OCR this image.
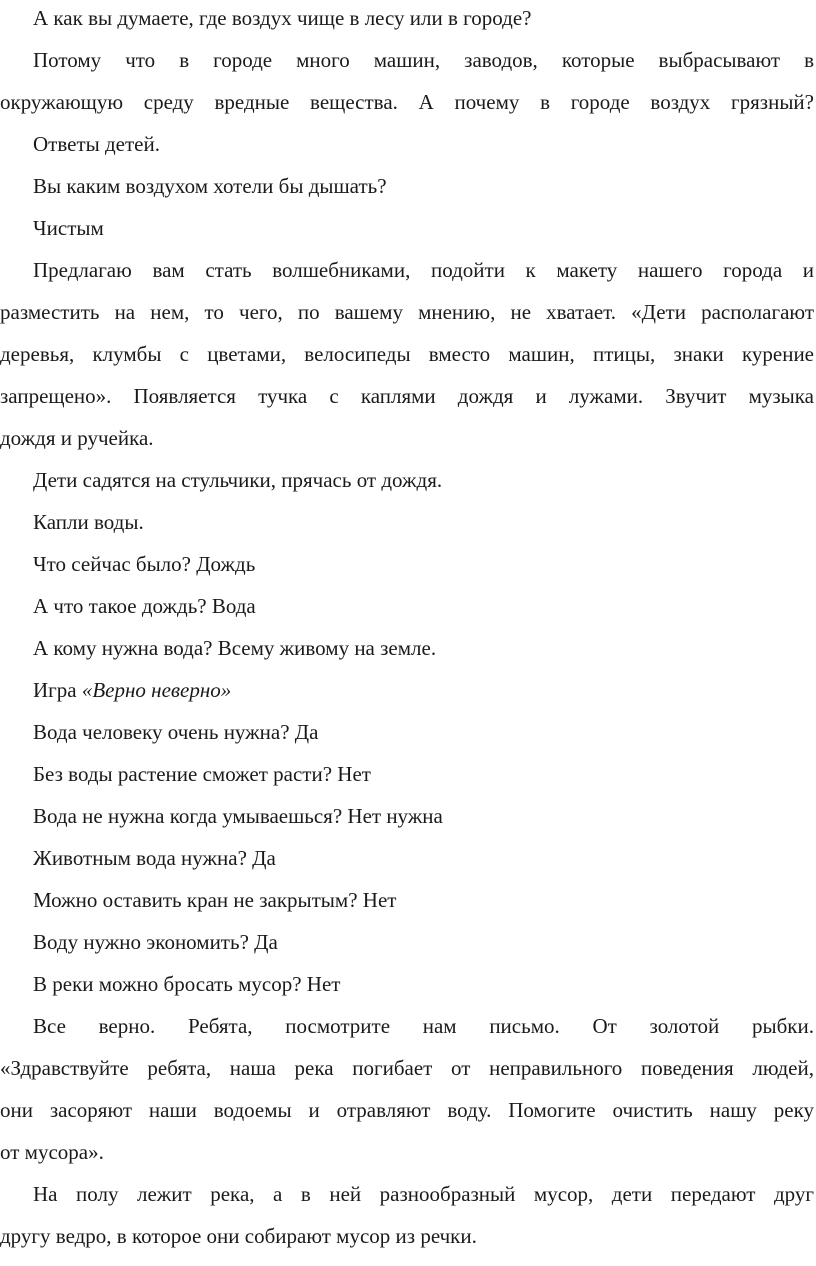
А как вы думаете, где воздух чище в лесу или в городе?

Потому что в городе много машин, заводов, которые выбрасывают в

окружающую среду вредные вещества. А почему в городе воздух грязный?

Ответы детей.

Вы каким воздухом хотели бы дышать?

Чистым

Предлагаю вам стать волшебниками, подойти к макету нашего города и

разместить на нем, то чего, по вашему мнению, не хватает. «Дети располагают

деревья, клумбы с цветами, велосипеды вместо машин, птицы, знаки курение

запрещено». Появляется тучка с каплями дождя и лужами. Звучит музыка

дождя и ручейка.

Дети садятся на стульчики, прячась от дождя.

Капли воды.

Что сейчас было? Дождь

А что такое дождь? Вода

А кому нужна вода? Всему живому на земле.

Игра «Верно неверно»

Вода человеку очень нужна? Да

Без воды растение сможет расти? Нет

Вода не нужна когда умываешься? Нет нужна

Животным вода нужна? Да

Можно оставить кран не закрытым? Нет

Воду нужно экономить? Да

В реки можно бросать мусор? Нет

Все верно. Ребята, посмотрите нам письмо. От золотой рыбки.

«Здравствуйте ребята, наша река погибает от неправильного поведения людей,

они засоряют наши водоемы и отравляют воду. Помогите очистить нашу реку

от мусора».

На полу лежит река, а в ней разнообразный мусор, дети передают друг

другу ведро, в которое они собирают мусор из речки.
